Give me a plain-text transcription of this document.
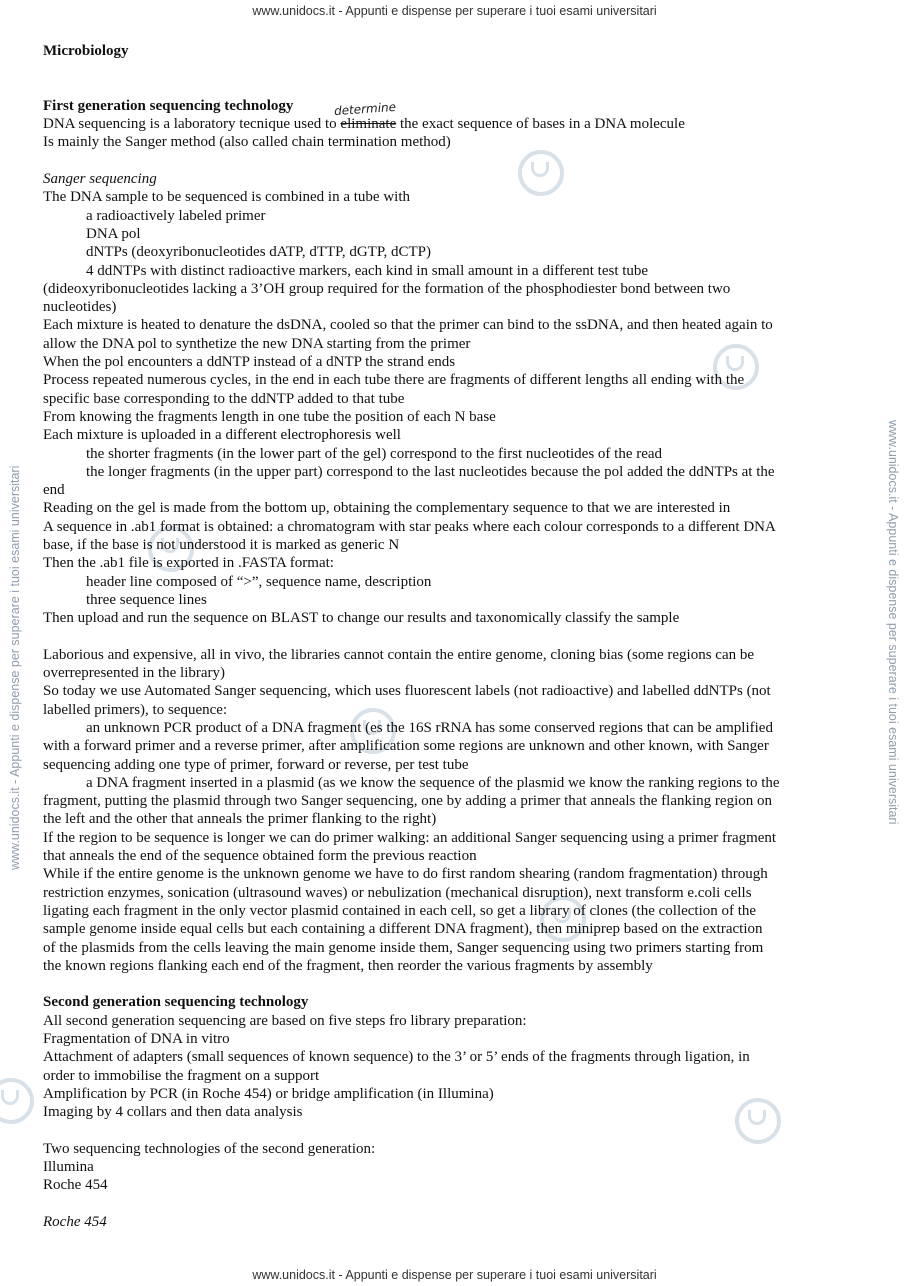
www.unidocs.it - Appunti e dispense per superare i tuoi esami universitari
www.unidocs.it - Appunti e dispense per superare i tuoi esami universitari
www.unidocs.it - Appunti e dispense per superare i tuoi esami universitari	www.unidocs.it - Appunti e dispense per superare i tuoi esami universitari
Microbiology
First generation sequencing technology
DNA sequencing is a laboratory tecnique used to eliminate
determine
the exact sequence of bases in a DNA molecule
Is mainly the Sanger method (also called chain termination method)
Sanger sequencing
The DNA sample to be sequenced is combined in a tube with
a radioactively labeled primer
DNA pol
dNTPs (deoxyribonucleotides dATP, dTTP, dGTP, dCTP)
4 ddNTPs with distinct radioactive markers, each kind in small amount in a different test tube
(dideoxyribonucleotides lacking a 3’OH group required for the formation of the phosphodiester bond between two
nucleotides)
Each mixture is heated to denature the dsDNA, cooled so that the primer can bind to the ssDNA, and then heated again to
allow the DNA pol to synthetize the new DNA starting from the primer
When the pol encounters a ddNTP instead of a dNTP the strand ends
Process repeated numerous cycles, in the end in each tube there are fragments of different lengths all ending with the
specific base corresponding to the ddNTP added to that tube
From knowing the fragments length in one tube the position of each N base
Each mixture is uploaded in a different electrophoresis well
the shorter fragments (in the lower part of the gel) correspond to the first nucleotides of the read
the longer fragments (in the upper part) correspond to the last nucleotides because the pol added the ddNTPs at the
end
Reading on the gel is made from the bottom up, obtaining the complementary sequence to that we are interested in
A sequence in .ab1 format is obtained: a chromatogram with star peaks where each colour corresponds to a different DNA
base, if the base is not understood it is marked as generic N
Then the .ab1 file is exported in .FASTA format:
header line composed of “>”, sequence name, description
three sequence lines
Then upload and run the sequence on BLAST to change our results and taxonomically classify the sample
Laborious and expensive, all in vivo, the libraries cannot contain the entire genome, cloning bias (some regions can be
overrepresented in the library)
So today we use Automated Sanger sequencing, which uses fluorescent labels (not radioactive) and labelled ddNTPs (not
labelled primers), to sequence:
an unknown PCR product of a DNA fragment (es the 16S rRNA has some conserved regions that can be amplified
with a forward primer and a reverse primer, after amplification some regions are unknown and other known, with Sanger
sequencing adding one type of primer, forward or reverse, per test tube
a DNA fragment inserted in a plasmid (as we know the sequence of the plasmid we know the ranking regions to the
fragment, putting the plasmid through two Sanger sequencing, one by adding a primer that anneals the flanking region on
the left and the other that anneals the primer flanking to the right)
If the region to be sequence is longer we can do primer walking: an additional Sanger sequencing using a primer fragment
that anneals the end of the sequence obtained form the previous reaction
While if the entire genome is the unknown genome we have to do first random shearing (random fragmentation) through
restriction enzymes, sonication (ultrasound waves) or nebulization (mechanical disruption), next transform e.coli cells
ligating each fragment in the only vector plasmid contained in each cell, so get a library of clones (the collection of the
sample genome inside equal cells but each containing a different DNA fragment), then miniprep based on the extraction
of the plasmids from the cells leaving the main genome inside them, Sanger sequencing using two primers starting from
the known regions flanking each end of the fragment, then reorder the various fragments by assembly
Second generation sequencing technology
All second generation sequencing are based on five steps fro library preparation:
Fragmentation of DNA in vitro
Attachment of adapters (small sequences of known sequence) to the 3’ or 5’ ends of the fragments through ligation, in
order to immobilise the fragment on a support
Amplification by PCR (in Roche 454) or bridge amplification (in Illumina)
Imaging by 4 collars and then data analysis
Two sequencing technologies of the second generation:
Illumina
Roche 454
Roche 454
